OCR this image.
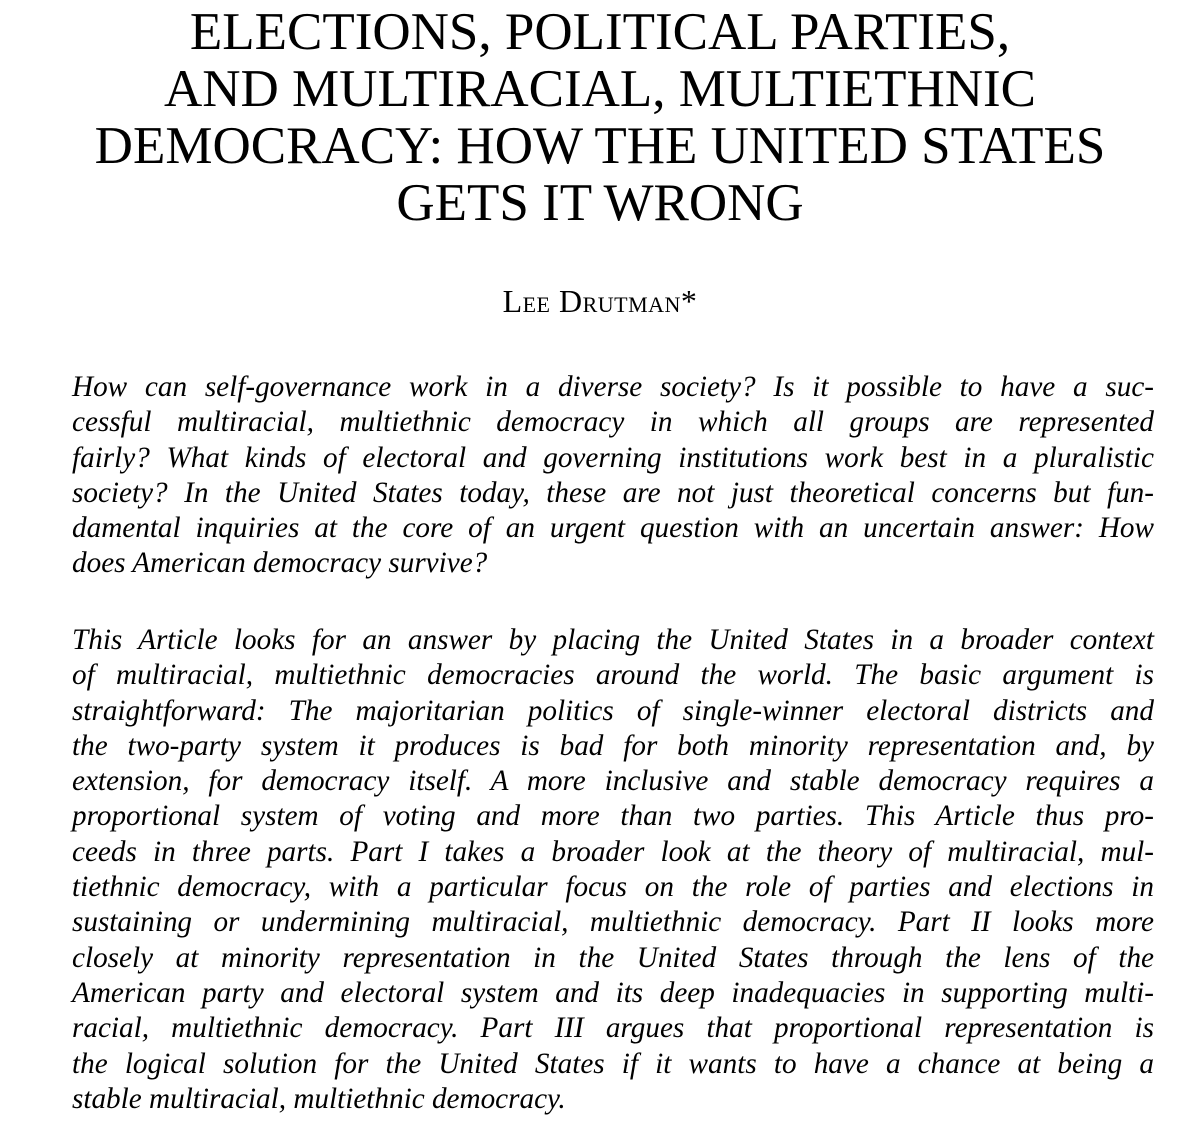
ELECTIONS, POLITICAL PARTIES,
AND MULTIRACIAL, MULTIETHNIC
DEMOCRACY: HOW THE UNITED STATES
GETS IT WRONG
Lee Drutman*

How can self-governance work in a diverse society? Is it possible to have a suc-
cessful multiracial, multiethnic democracy in which all groups are represented
fairly? What kinds of electoral and governing institutions work best in a pluralistic
society? In the United States today, these are not just theoretical concerns but fun-
damental inquiries at the core of an urgent question with an uncertain answer: How
does American democracy survive?

This Article looks for an answer by placing the United States in a broader context
of multiracial, multiethnic democracies around the world. The basic argument is
straightforward: The majoritarian politics of single-winner electoral districts and
the two-party system it produces is bad for both minority representation and, by
extension, for democracy itself. A more inclusive and stable democracy requires a
proportional system of voting and more than two parties. This Article thus pro-
ceeds in three parts. Part I takes a broader look at the theory of multiracial, mul-
tiethnic democracy, with a particular focus on the role of parties and elections in
sustaining or undermining multiracial, multiethnic democracy. Part II looks more
closely at minority representation in the United States through the lens of the
American party and electoral system and its deep inadequacies in supporting multi-
racial, multiethnic democracy. Part III argues that proportional representation is
the logical solution for the United States if it wants to have a chance at being a
stable multiracial, multiethnic democracy.
